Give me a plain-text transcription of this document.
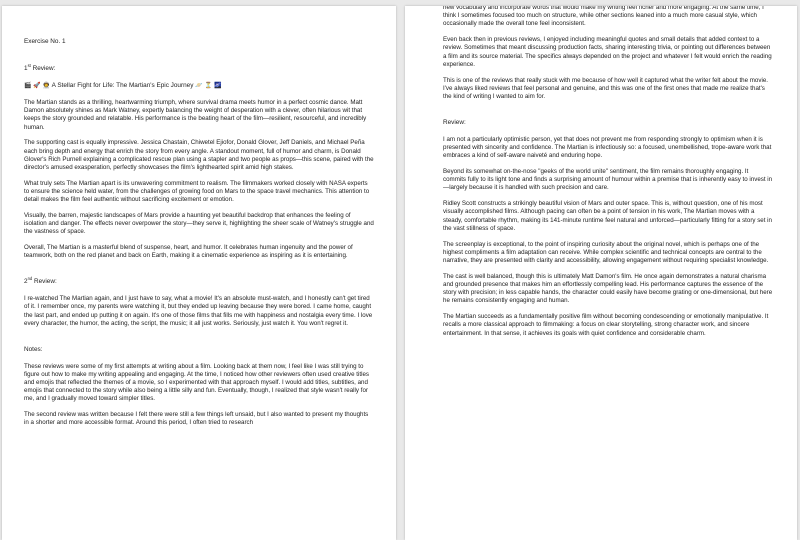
Exercise No. 1
1st Review:
🎬 🚀 👨‍🚀 A Stellar Fight for Life: The Martian's Epic Journey 🪐 ⏳ 🌌

The Martian stands as a thrilling, heartwarming triumph, where survival drama meets humor in a perfect cosmic dance. Matt Damon absolutely shines as Mark Watney, expertly balancing the weight of desperation with a clever, often hilarious wit that keeps the story grounded and relatable. His performance is the beating heart of the film—resilient, resourceful, and incredibly human.

The supporting cast is equally impressive. Jessica Chastain, Chiwetel Ejiofor, Donald Glover, Jeff Daniels, and Michael Peña each bring depth and energy that enrich the story from every angle. A standout moment, full of humor and charm, is Donald Glover's Rich Purnell explaining a complicated rescue plan using a stapler and two people as props—this scene, paired with the director's amused exasperation, perfectly showcases the film's lighthearted spirit amid high stakes.

What truly sets The Martian apart is its unwavering commitment to realism. The filmmakers worked closely with NASA experts to ensure the science held water, from the challenges of growing food on Mars to the space travel mechanics. This attention to detail makes the film feel authentic without sacrificing excitement or emotion.

Visually, the barren, majestic landscapes of Mars provide a haunting yet beautiful backdrop that enhances the feeling of isolation and danger. The effects never overpower the story—they serve it, highlighting the sheer scale of Watney's struggle and the vastness of space.

Overall, The Martian is a masterful blend of suspense, heart, and humor. It celebrates human ingenuity and the power of teamwork, both on the red planet and back on Earth, making it a cinematic experience as inspiring as it is entertaining.

2nd Review:

I re-watched The Martian again, and I just have to say, what a movie! It's an absolute must-watch, and I honestly can't get tired of it. I remember once, my parents were watching it, but they ended up leaving because they were bored. I came home, caught the last part, and ended up putting it on again. It's one of those films that fills me with happiness and nostalgia every time. I love every character, the humor, the acting, the script, the music; it all just works. Seriously, just watch it. You won't regret it.

Notes:

These reviews were some of my first attempts at writing about a film. Looking back at them now, I feel like I was still trying to figure out how to make my writing appealing and engaging. At the time, I noticed how other reviewers often used creative titles and emojis that reflected the themes of a movie, so I experimented with that approach myself. I would add titles, subtitles, and emojis that connected to the story while also being a little silly and fun. Eventually, though, I realized that style wasn't really for me, and I gradually moved toward simpler titles.

The second review was written because I felt there were still a few things left unsaid, but I also wanted to present my thoughts in a shorter and more accessible format. Around this period, I often tried to research

new vocabulary and incorporate words that would make my writing feel richer and more engaging. At the same time, I think I sometimes focused too much on structure, while other sections leaned into a much more casual style, which occasionally made the overall tone feel inconsistent.

Even back then in previous reviews, I enjoyed including meaningful quotes and small details that added context to a review. Sometimes that meant discussing production facts, sharing interesting trivia, or pointing out differences between a film and its source material. The specifics always depended on the project and whatever I felt would enrich the reading experience.

This is one of the reviews that really stuck with me because of how well it captured what the writer felt about the movie. I've always liked reviews that feel personal and genuine, and this was one of the first ones that made me realize that's the kind of writing I wanted to aim for.

Review:

I am not a particularly optimistic person, yet that does not prevent me from responding strongly to optimism when it is presented with sincerity and confidence. The Martian is infectiously so: a focused, unembellished, trope-aware work that embraces a kind of self-aware naiveté and enduring hope.

Beyond its somewhat on-the-nose "geeks of the world unite" sentiment, the film remains thoroughly engaging. It commits fully to its light tone and finds a surprising amount of humour within a premise that is inherently easy to invest in—largely because it is handled with such precision and care.

Ridley Scott constructs a strikingly beautiful vision of Mars and outer space. This is, without question, one of his most visually accomplished films. Although pacing can often be a point of tension in his work, The Martian moves with a steady, comfortable rhythm, making its 141-minute runtime feel natural and unforced—particularly fitting for a story set in the vast stillness of space.

The screenplay is exceptional, to the point of inspiring curiosity about the original novel, which is perhaps one of the highest compliments a film adaptation can receive. While complex scientific and technical concepts are central to the narrative, they are presented with clarity and accessibility, allowing engagement without requiring specialist knowledge.

The cast is well balanced, though this is ultimately Matt Damon's film. He once again demonstrates a natural charisma and grounded presence that makes him an effortlessly compelling lead. His performance captures the essence of the story with precision; in less capable hands, the character could easily have become grating or one-dimensional, but here he remains consistently engaging and human.

The Martian succeeds as a fundamentally positive film without becoming condescending or emotionally manipulative. It recalls a more classical approach to filmmaking: a focus on clear storytelling, strong character work, and sincere entertainment. In that sense, it achieves its goals with quiet confidence and considerable charm.
